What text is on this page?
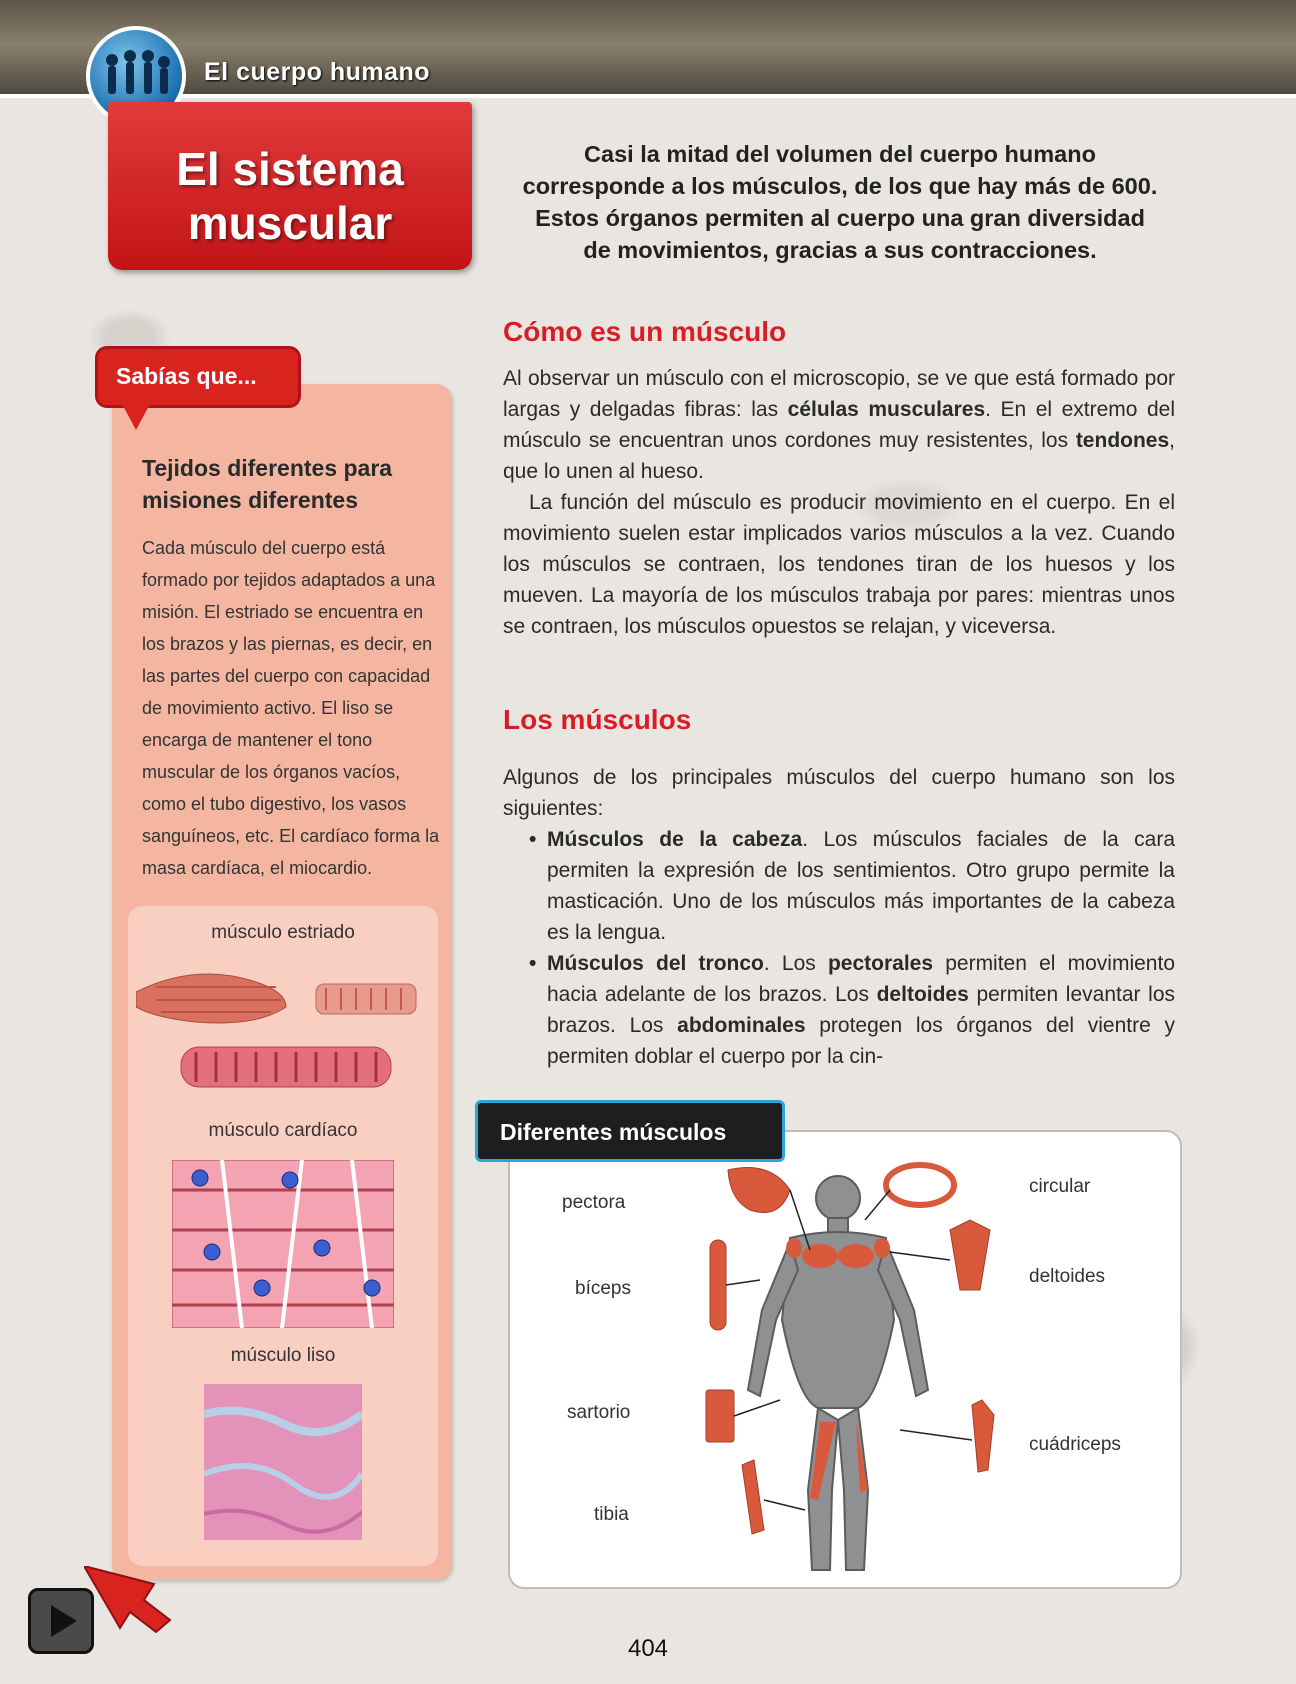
El cuerpo humano
El sistema
muscular
Casi la mitad del volumen del cuerpo humano corresponde a los músculos, de los que hay más de 600. Estos órganos permiten al cuerpo una gran diversidad de movimientos, gracias a sus contracciones.
Cómo es un músculo

Al observar un músculo con el microscopio, se ve que está formado por largas y delgadas fibras: las células musculares. En el extremo del músculo se encuentran unos cordones muy resistentes, los tendones, que lo unen al hueso.

La función del músculo es producir movimiento en el cuerpo. En el movimiento suelen estar implicados varios músculos a la vez. Cuando los músculos se contraen, los tendones tiran de los huesos y los mueven. La mayoría de los músculos trabaja por pares: mientras unos se contraen, los músculos opuestos se relajan, y viceversa.

Los músculos

Algunos de los principales músculos del cuerpo humano son los siguientes:

• Músculos de la cabeza. Los músculos faciales de la cara permiten la expresión de los sentimientos. Otro grupo permite la masticación. Uno de los músculos más importantes de la cabeza es la lengua.
• Músculos del tronco. Los pectorales permiten el movimiento hacia adelante de los brazos. Los deltoides permiten levantar los brazos. Los abdominales protegen los órganos del vientre y permiten doblar el cuerpo por la cin-
Sabías que...
Tejidos diferentes para misiones diferentes
Cada músculo del cuerpo está formado por tejidos adaptados a una misión. El estriado se encuentra en los brazos y las piernas, es decir, en las partes del cuerpo con capacidad de movimiento activo. El liso se encarga de mantener el tono muscular de los órganos vacíos, como el tubo digestivo, los vasos sanguíneos, etc. El cardíaco forma la masa cardíaca, el miocardio.
músculo estriado
músculo cardíaco
músculo liso
Diferentes músculos
pectora
bíceps
sartorio
tibia
circular
deltoides
cuádriceps
404
